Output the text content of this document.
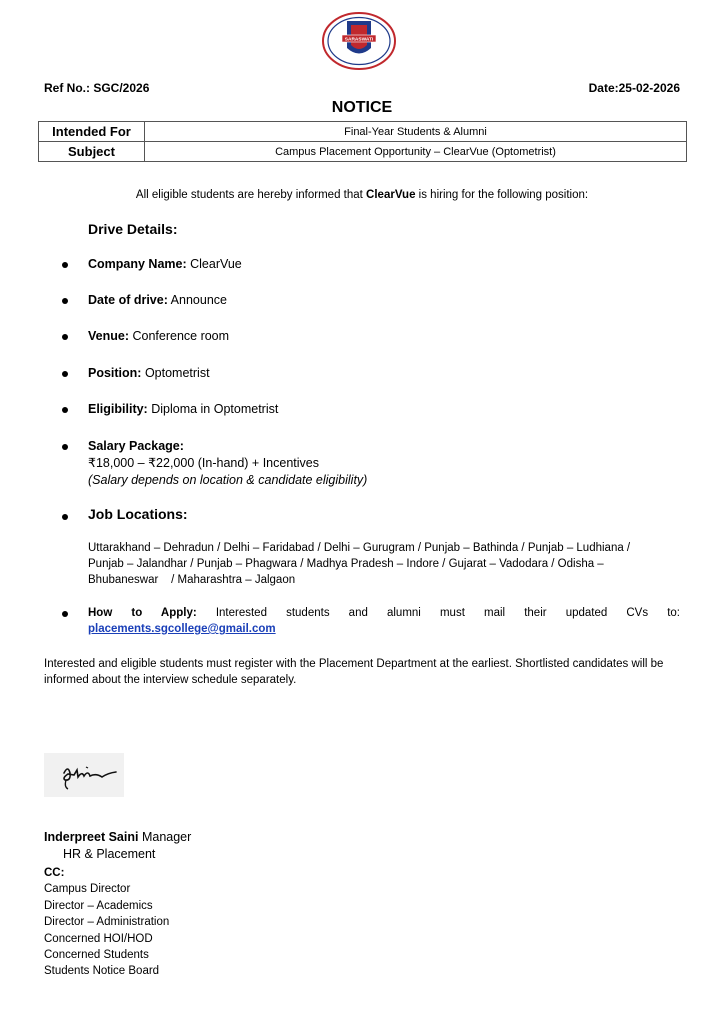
SARASWATI
Ref No.: SGC/2026	Date:25-02-2026
NOTICE
Intended For	Final-Year Students & Alumni
Subject	Campus Placement Opportunity – ClearVue (Optometrist)
All eligible students are hereby informed that ClearVue is hiring for the following position:
Drive Details:
Company Name: ClearVue
Date of drive: Announce
Venue: Conference room
Position: Optometrist
Eligibility: Diploma in Optometrist
Salary Package:
₹18,000 – ₹22,000 (In-hand) + Incentives
(Salary depends on location & candidate eligibility)
Job Locations:
Uttarakhand – Dehradun / Delhi – Faridabad / Delhi – Gurugram / Punjab – Bathinda / Punjab – Ludhiana /
Punjab – Jalandhar / Punjab – Phagwara / Madhya Pradesh – Indore / Gujarat – Vadodara / Odisha –
Bhubaneswar    / Maharashtra – Jalgaon
How to Apply: Interested students and alumni must mail their updated CVs to:
placements.sgcollege@gmail.com
Interested and eligible students must register with the Placement Department at the earliest. Shortlisted candidates will be informed about the interview schedule separately.
Inderpreet Saini Manager
HR & Placement
CC:
Campus Director
Director – Academics
Director – Administration
Concerned HOI/HOD
Concerned Students
Students Notice Board
